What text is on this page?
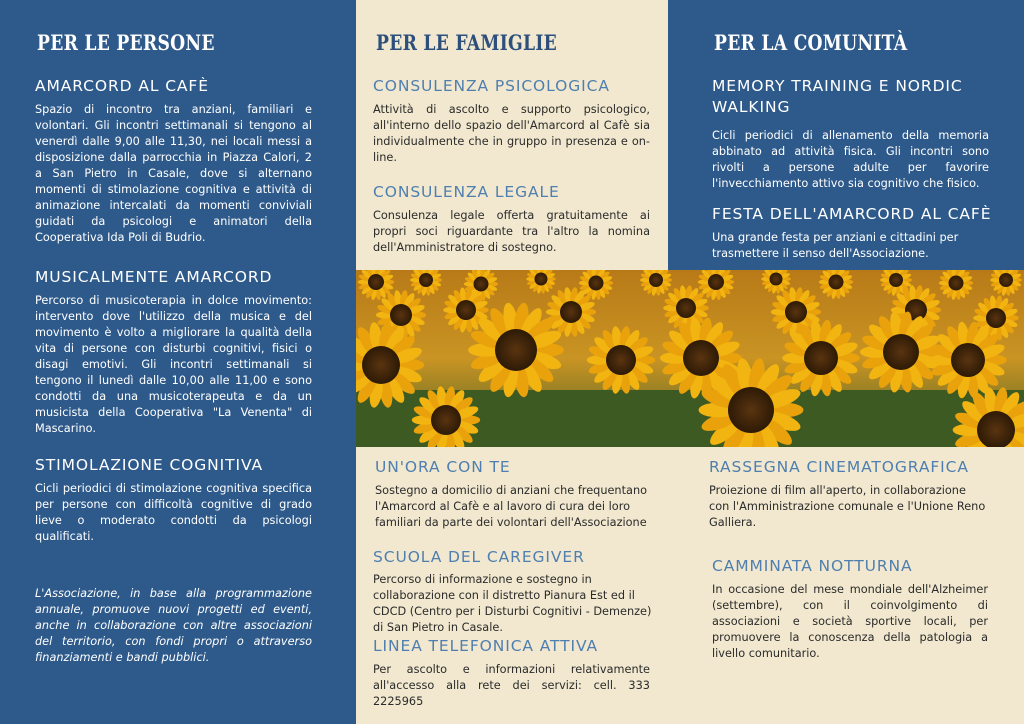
PER LE PERSONE
AMARCORD AL CAFÈ
Spazio di incontro tra anziani, familiari e volontari. Gli incontri settimanali si tengono al venerdì dalle 9,00 alle 11,30, nei locali messi a disposizione dalla parrocchia in Piazza Calori, 2 a San Pietro in Casale, dove si alternano momenti di stimolazione cognitiva e attività di animazione intercalati da momenti conviviali guidati da psicologi e animatori della Cooperativa Ida Poli di Budrio.
MUSICALMENTE AMARCORD
Percorso di musicoterapia in dolce movimento: intervento dove l'utilizzo della musica e del movimento è volto a migliorare la qualità della vita di persone con disturbi cognitivi, fisici o disagi emotivi. Gli incontri settimanali si tengono il lunedì dalle 10,00 alle 11,00 e sono condotti da una musicoterapeuta e da un musicista della Cooperativa "La Venenta" di Mascarino.
STIMOLAZIONE COGNITIVA
Cicli periodici di stimolazione cognitiva specifica per persone con difficoltà cognitive di grado lieve o moderato condotti da psicologi qualificati.
L'Associazione, in base alla programmazione annuale, promuove nuovi progetti ed eventi, anche in collaborazione con altre associazioni del territorio, con fondi propri o attraverso finanziamenti e bandi pubblici.
PER LE FAMIGLIE
CONSULENZA PSICOLOGICA
Attività di ascolto e supporto psicologico, all'interno dello spazio dell'Amarcord al Cafè sia individualmente che in gruppo in presenza e on-line.
CONSULENZA LEGALE
Consulenza legale offerta gratuitamente ai propri soci riguardante tra l'altro la nomina dell'Amministratore di sostegno.
UN'ORA CON TE
Sostegno a domicilio di anziani che frequentano l'Amarcord al Cafè e al lavoro di cura dei loro familiari da parte dei volontari dell'Associazione
SCUOLA DEL CAREGIVER
Percorso di informazione e sostegno in collaborazione con il distretto Pianura Est ed il CDCD (Centro per i Disturbi Cognitivi - Demenze) di San Pietro in Casale.
LINEA TELEFONICA ATTIVA
Per ascolto e informazioni relativamente all'accesso alla rete dei servizi: cell. 333 2225965
RASSEGNA CINEMATOGRAFICA
Proiezione di film all'aperto, in collaborazione con l'Amministrazione comunale e l'Unione Reno Galliera.
CAMMINATA NOTTURNA
In occasione del mese mondiale dell'Alzheimer (settembre), con il coinvolgimento di associazioni e società sportive locali, per promuovere la conoscenza della patologia a livello comunitario.
PER LA COMUNITÀ
MEMORY TRAINING E NORDIC WALKING
Cicli periodici di allenamento della memoria abbinato ad attività fisica. Gli incontri sono rivolti a persone adulte per favorire l'invecchiamento attivo sia cognitivo che fisico.
FESTA DELL'AMARCORD AL CAFÈ
Una grande festa per anziani e cittadini per trasmettere il senso dell'Associazione.
